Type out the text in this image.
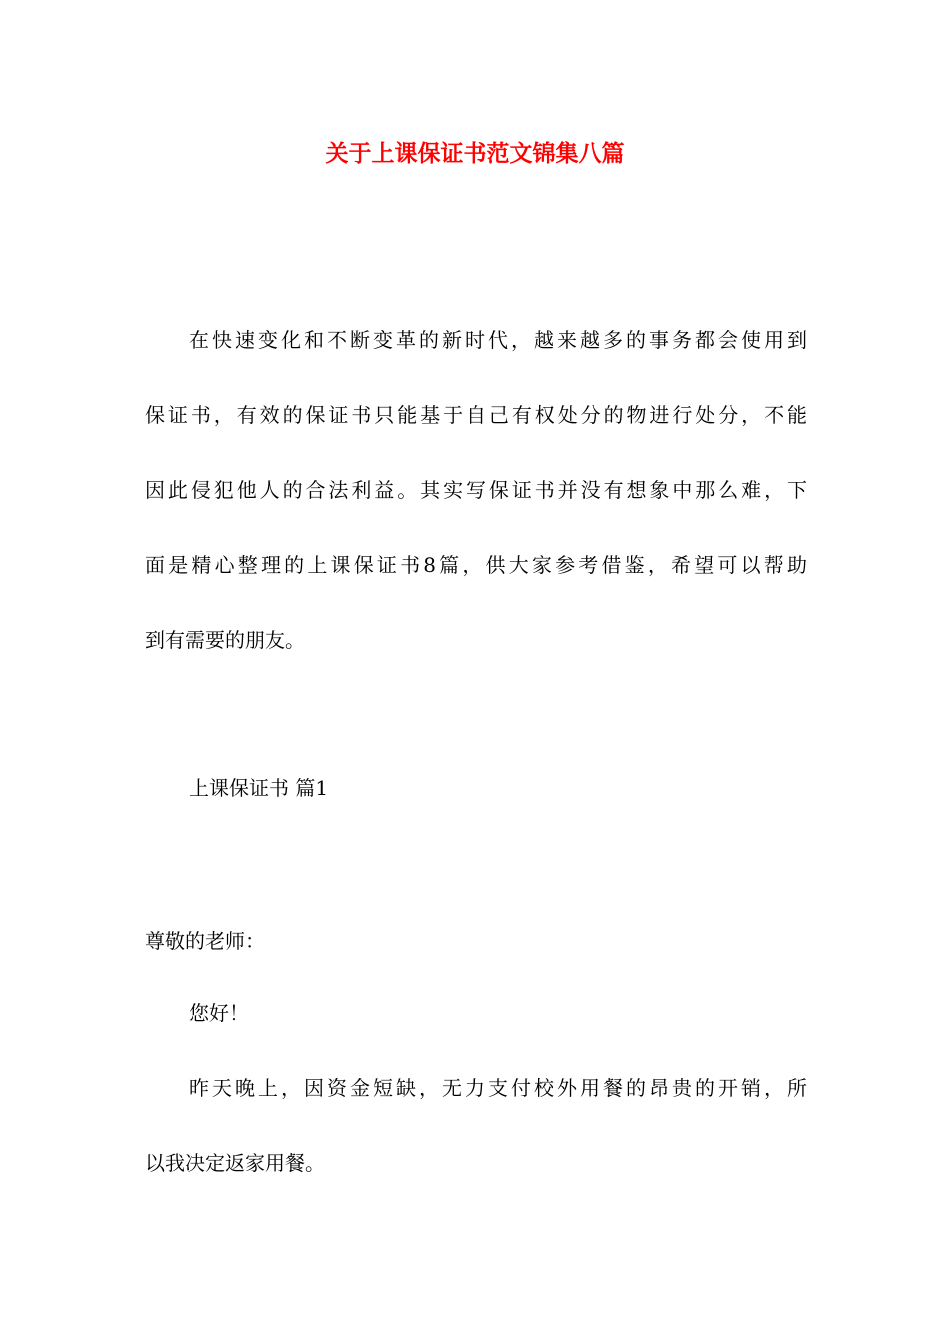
关于上课保证书范文锦集八篇
在快速变化和不断变革的新时代，越来越多的事务都会使用到
保证书，有效的保证书只能基于自己有权处分的物进行处分，不能
因此侵犯他人的合法利益。其实写保证书并没有想象中那么难，下
面是精心整理的上课保证书8篇，供大家参考借鉴，希望可以帮助
到有需要的朋友。
上课保证书 篇1
尊敬的老师：
您好！
昨天晚上，因资金短缺，无力支付校外用餐的昂贵的开销，所
以我决定返家用餐。
